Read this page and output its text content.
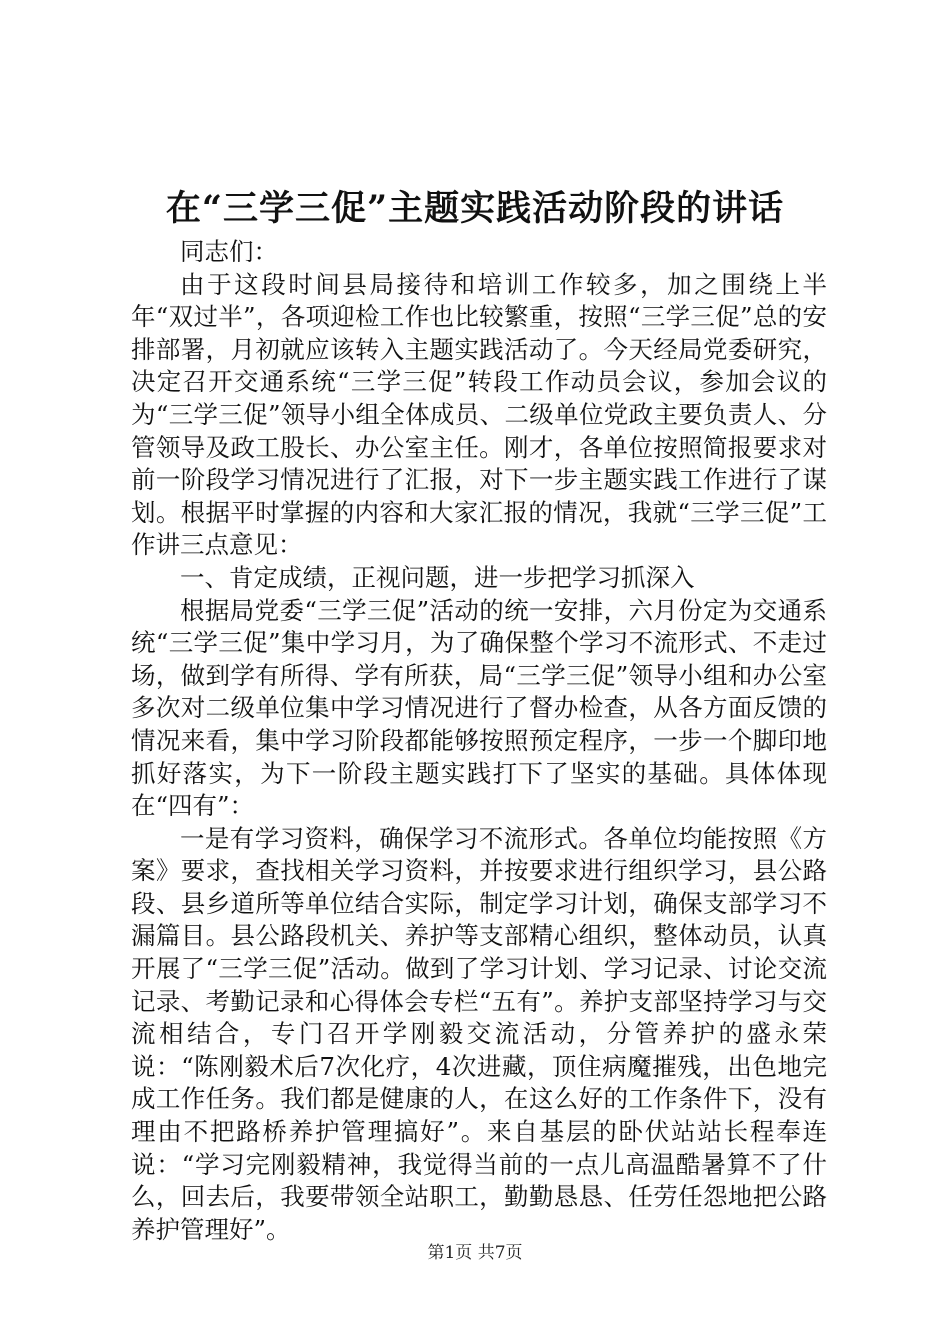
在“三学三促”主题实践活动阶段的讲话

同志们：

由于这段时间县局接待和培训工作较多，加之围绕上半年“双过半”，各项迎检工作也比较繁重，按照“三学三促”总的安排部署，月初就应该转入主题实践活动了。今天经局党委研究，决定召开交通系统“三学三促”转段工作动员会议，参加会议的为“三学三促”领导小组全体成员、二级单位党政主要负责人、分管领导及政工股长、办公室主任。刚才，各单位按照简报要求对前一阶段学习情况进行了汇报，对下一步主题实践工作进行了谋划。根据平时掌握的内容和大家汇报的情况，我就“三学三促”工作讲三点意见：

一、肯定成绩，正视问题，进一步把学习抓深入

根据局党委“三学三促”活动的统一安排，六月份定为交通系统“三学三促”集中学习月，为了确保整个学习不流形式、不走过场，做到学有所得、学有所获，局“三学三促”领导小组和办公室多次对二级单位集中学习情况进行了督办检查，从各方面反馈的情况来看，集中学习阶段都能够按照预定程序，一步一个脚印地抓好落实，为下一阶段主题实践打下了坚实的基础。具体体现在“四有”：

一是有学习资料，确保学习不流形式。各单位均能按照《方案》要求，查找相关学习资料，并按要求进行组织学习，县公路段、县乡道所等单位结合实际，制定学习计划，确保支部学习不漏篇目。县公路段机关、养护等支部精心组织，整体动员，认真开展了“三学三促”活动。做到了学习计划、学习记录、讨论交流记录、考勤记录和心得体会专栏“五有”。养护支部坚持学习与交流相结合，专门召开学刚毅交流活动，分管养护的盛永荣说：“陈刚毅术后7次化疗，4次进藏，顶住病魔摧残，出色地完成工作任务。我们都是健康的人，在这么好的工作条件下，没有理由不把路桥养护管理搞好”。来自基层的卧伏站站长程奉连说：“学习完刚毅精神，我觉得当前的一点儿高温酷暑算不了什么，回去后，我要带领全站职工，勤勤恳恳、任劳任怨地把公路养护管理好”。

第1页 共7页
